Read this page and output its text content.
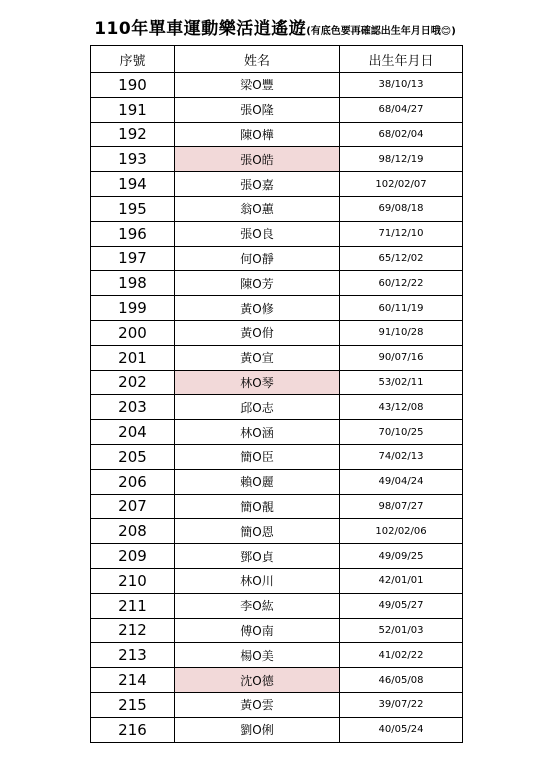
110年單車運動樂活逍遙遊(有底色要再確認出生年月日哦😊)
序號	姓名	出生年月日
190	梁O豐	38/10/13
191	張O隆	68/04/27
192	陳O樺	68/02/04
193	張O皓	98/12/19
194	張O嘉	102/02/07
195	翁O蕙	69/08/18
196	張O良	71/12/10
197	何O靜	65/12/02
198	陳O芳	60/12/22
199	黃O修	60/11/19
200	黃O佾	91/10/28
201	黃O宣	90/07/16
202	林O琴	53/02/11
203	邱O志	43/12/08
204	林O涵	70/10/25
205	簡O臣	74/02/13
206	賴O麗	49/04/24
207	簡O靚	98/07/27
208	簡O恩	102/02/06
209	鄧O貞	49/09/25
210	林O川	42/01/01
211	李O紘	49/05/27
212	傅O南	52/01/03
213	楊O美	41/02/22
214	沈O德	46/05/08
215	黃O雲	39/07/22
216	劉O俐	40/05/24
